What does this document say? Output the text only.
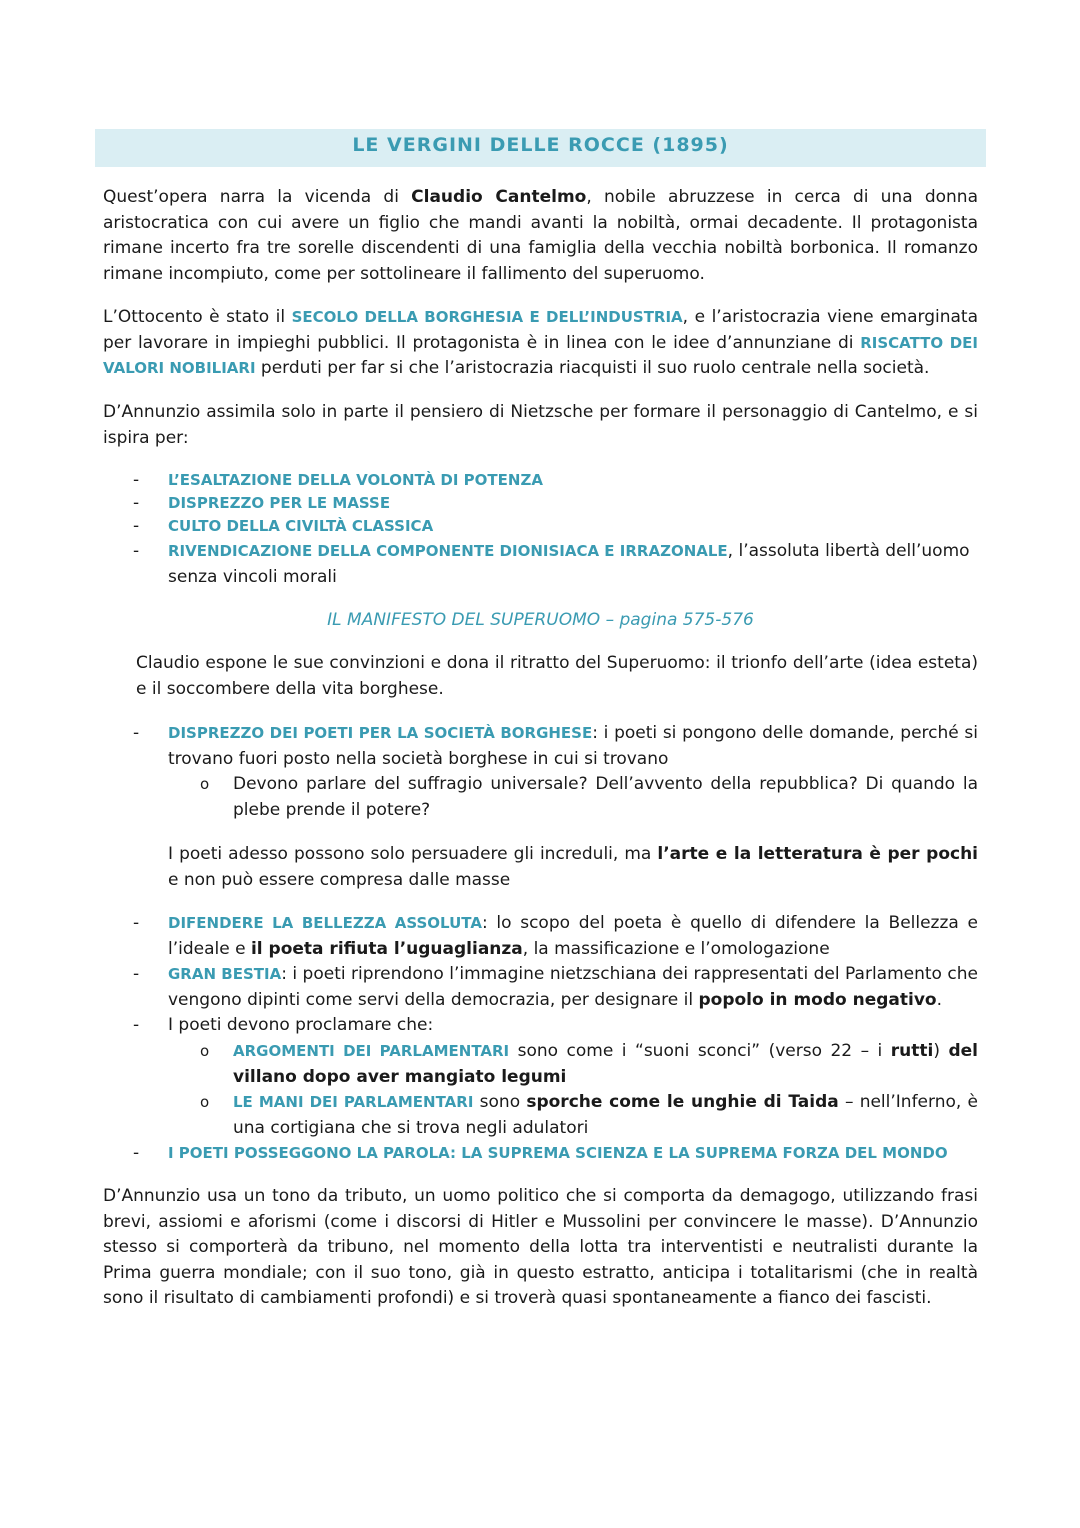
LE VERGINI DELLE ROCCE (1895)
Quest’opera narra la vicenda di Claudio Cantelmo, nobile abruzzese in cerca di una donna aristocratica con cui avere un figlio che mandi avanti la nobiltà, ormai decadente. Il protagonista rimane incerto fra tre sorelle discendenti di una famiglia della vecchia nobiltà borbonica. Il romanzo rimane incompiuto, come per sottolineare il fallimento del superuomo.
L’Ottocento è stato il SECOLO DELLA BORGHESIA E DELL’INDUSTRIA, e l’aristocrazia viene emarginata per lavorare in impieghi pubblici. Il protagonista è in linea con le idee d’annunziane di RISCATTO DEI VALORI NOBILIARI perduti per far si che l’aristocrazia riacquisti il suo ruolo centrale nella società.
D’Annunzio assimila solo in parte il pensiero di Nietzsche per formare il personaggio di Cantelmo, e si ispira per:
- L’ESALTAZIONE DELLA VOLONTÀ DI POTENZA
- DISPREZZO PER LE MASSE
- CULTO DELLA CIVILTÀ CLASSICA
- RIVENDICAZIONE DELLA COMPONENTE DIONISIACA E IRRAZONALE, l’assoluta libertà dell’uomo senza vincoli morali
IL MANIFESTO DEL SUPERUOMO – pagina 575-576
Claudio espone le sue convinzioni e dona il ritratto del Superuomo: il trionfo dell’arte (idea esteta) e il soccombere della vita borghese.
- DISPREZZO DEI POETI PER LA SOCIETÀ BORGHESE: i poeti si pongono delle domande, perché si trovano fuori posto nella società borghese in cui si trovano
o Devono parlare del suffragio universale? Dell’avvento della repubblica? Di quando la plebe prende il potere?
I poeti adesso possono solo persuadere gli increduli, ma l’arte e la letteratura è per pochi e non può essere compresa dalle masse
- DIFENDERE LA BELLEZZA ASSOLUTA: lo scopo del poeta è quello di difendere la Bellezza e l’ideale e il poeta rifiuta l’uguaglianza, la massificazione e l’omologazione
- GRAN BESTIA: i poeti riprendono l’immagine nietzschiana dei rappresentati del Parlamento che vengono dipinti come servi della democrazia, per designare il popolo in modo negativo.
- I poeti devono proclamare che:
o ARGOMENTI DEI PARLAMENTARI sono come i “suoni sconci” (verso 22 – i rutti) del villano dopo aver mangiato legumi
o LE MANI DEI PARLAMENTARI sono sporche come le unghie di Taida – nell’Inferno, è una cortigiana che si trova negli adulatori
- I POETI POSSEGGONO LA PAROLA: LA SUPREMA SCIENZA E LA SUPREMA FORZA DEL MONDO
D’Annunzio usa un tono da tributo, un uomo politico che si comporta da demagogo, utilizzando frasi brevi, assiomi e aforismi (come i discorsi di Hitler e Mussolini per convincere le masse). D’Annunzio stesso si comporterà da tribuno, nel momento della lotta tra interventisti e neutralisti durante la Prima guerra mondiale; con il suo tono, già in questo estratto, anticipa i totalitarismi (che in realtà sono il risultato di cambiamenti profondi) e si troverà quasi spontaneamente a fianco dei fascisti.
